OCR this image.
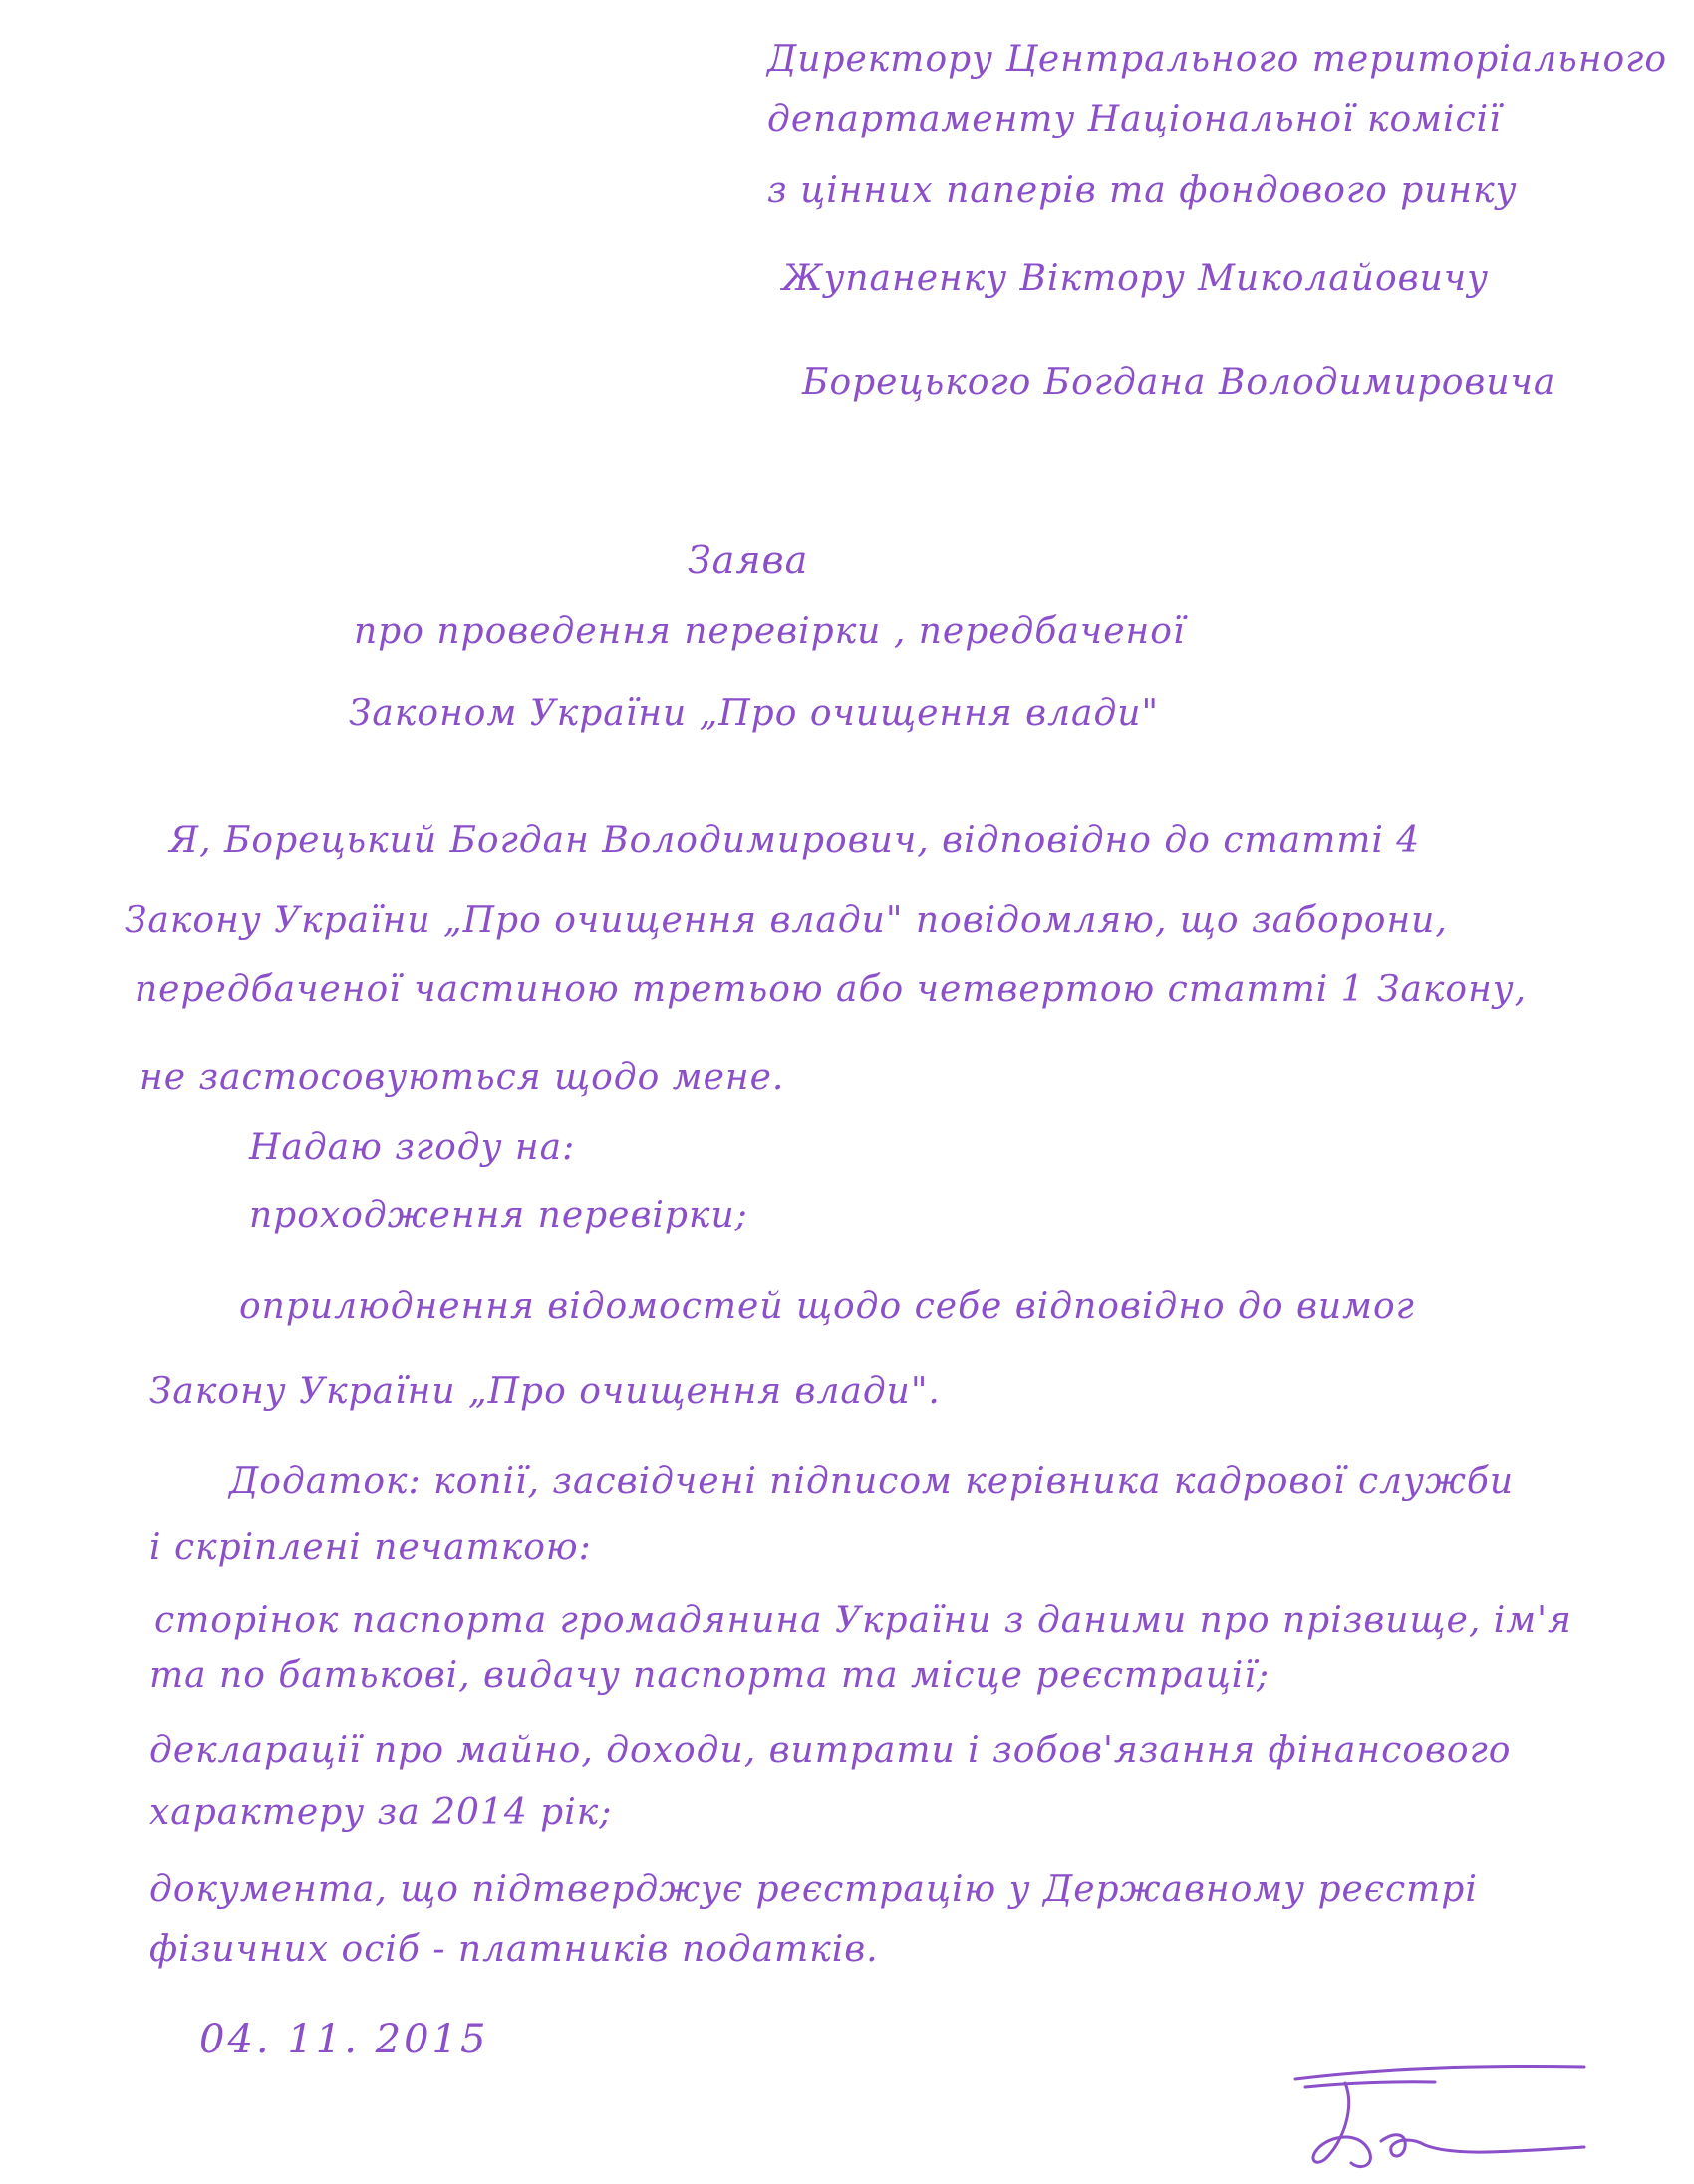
Директору Центрального територіального
департаменту Національної комісії
з цінних паперів та фондового ринку
Жупаненку Віктору Миколайовичу
Борецького Богдана Володимировича
Заява
про проведення перевірки , передбаченої
Законом України „Про очищення влади"
Я, Борецький Богдан Володимирович, відповідно до статті 4
Закону України „Про очищення влади" повідомляю, що заборони,
передбаченої частиною третьою або четвертою статті 1 Закону,
не застосовуються щодо мене.
Надаю згоду на:
проходження перевірки;
оприлюднення відомостей щодо себе відповідно до вимог
Закону України „Про очищення влади".
Додаток: копії, засвідчені підписом керівника кадрової служби
і скріплені печаткою:
сторінок паспорта громадянина України з даними про прізвище, ім'я
та по батькові, видачу паспорта та місце реєстрації;
декларації про майно, доходи, витрати і зобов'язання фінансового
характеру за 2014 рік;
документа, що підтверджує реєстрацію у Державному реєстрі
фізичних осіб - платників податків.
04. 11. 2015
